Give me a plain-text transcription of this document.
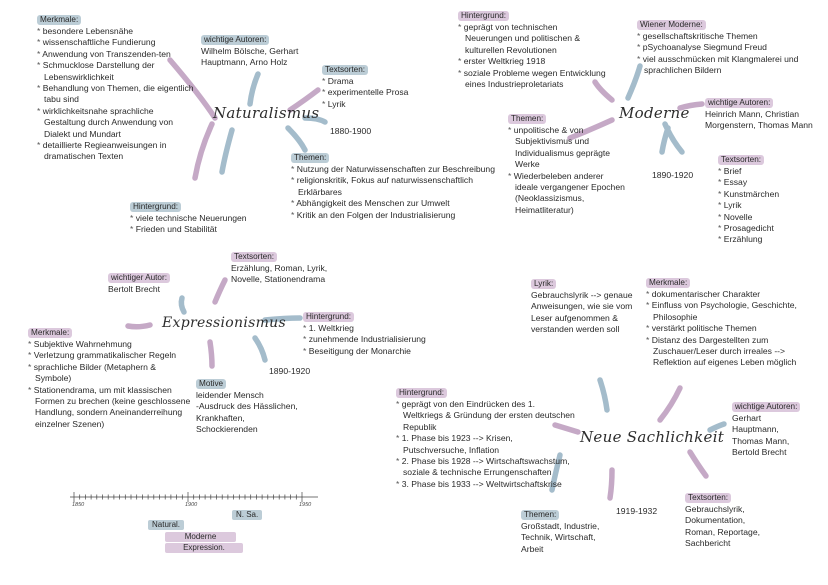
Naturalismus
1880-1900
Merkmale:
* besondere Lebensnähe
* wissenschaftliche Fundierung
* Anwendung von Transzenden-ten
* Schmucklose Darstellung der Lebenswirklichkeit
* Behandlung von Themen, die eigentlich tabu sind
* wirklichkeitsnahe sprachliche Gestaltung durch Anwendung von Dialekt und Mundart
* detaillierte Regieanweisungen in dramatischen Texten
wichtige Autoren:
Wilhelm Bölsche, Gerhart Hauptmann, Arno Holz
Textsorten:
* Drama
* experimentelle Prosa
* Lyrik
Themen:
* Nutzung der Naturwissenschaften zur Beschreibung
* religionskritik, Fokus auf naturwissenschaftlich Erklärbares
* Abhängigkeit des Menschen zur Umwelt
* Kritik an den Folgen der Industrialisierung
Hintergrund:
* viele technische Neuerungen
* Frieden und Stabilität
Moderne
1890-1920
Hintergrund:
* geprägt von technischen Neuerungen und politischen & kulturellen Revolutionen
* erster Weltkrieg 1918
* soziale Probleme wegen Entwicklung eines Industrieproletariats
Wiener Moderne:
* gesellschaftskritische Themen
* pSychoanalyse Siegmund Freud
* viel ausschmücken mit Klangmalerei und sprachlichen Bildern
wichtige Autoren:
Heinrich Mann, Christian Morgenstern, Thomas Mann
Themen:
* unpolitische & von Subjektivismus und Individualismus geprägte Werke
* Wiederbeleben anderer ideale vergangener Epochen (Neoklassizismus, Heimatliteratur)
Textsorten:
* Brief
* Essay
* Kunstmärchen
* Lyrik
* Novelle
* Prosagedicht
* Erzählung
Expressionismus
1890-1920
wichtiger Autor:
Bertolt Brecht
Textsorten:
Erzählung, Roman, Lyrik, Novelle, Stationendrama
Hintergrund:
* 1. Weltkrieg
* zunehmende Industrialisierung
* Beseitigung der Monarchie
Merkmale:
* Subjektive Wahrnehmung
* Verletzung grammatikalischer Regeln
* sprachliche Bilder (Metaphern & Symbole)
* Stationendrama, um mit klassischen Formen zu brechen (keine geschlossene Handlung, sondern Aneinanderreihung einzelner Szenen)
Motive
leidender Mensch
-Ausdruck des Hässlichen,
Krankhaften,
Schockierenden	Neue Sachlichkeit
1919-1932
Lyrik:
Gebrauchslyrik --> genaue Anweisungen, wie sie vom Leser aufgenommen & verstanden werden soll
Merkmale:
* dokumentarischer Charakter
* Einfluss von Psychologie, Geschichte, Philosophie
* verstärkt politische Themen
* Distanz des Dargestellten zum Zuschauer/Leser durch irreales --> Reflektion auf eigenes Leben möglich
Hintergrund:
* geprägt von den Eindrücken des 1. Weltkriegs & Gründung der ersten deutschen Republik
* 1. Phase bis 1923 --> Krisen, Putschversuche, Inflation
* 2. Phase bis 1928 --> Wirtschaftswachstum, soziale & technische Errungenschaften
* 3. Phase bis 1933 --> Weltwirtschaftskrise
wichtige Autoren:
Gerhart Hauptmann, Thomas Mann, Bertold Brecht
Themen:
Großstadt, Industrie, Technik, Wirtschaft, Arbeit
Textsorten:
Gebrauchslyrik, Dokumentation, Roman, Reportage, Sachbericht
1850	1900	1950
Natural.
N. Sa.
Moderne
Expression.
